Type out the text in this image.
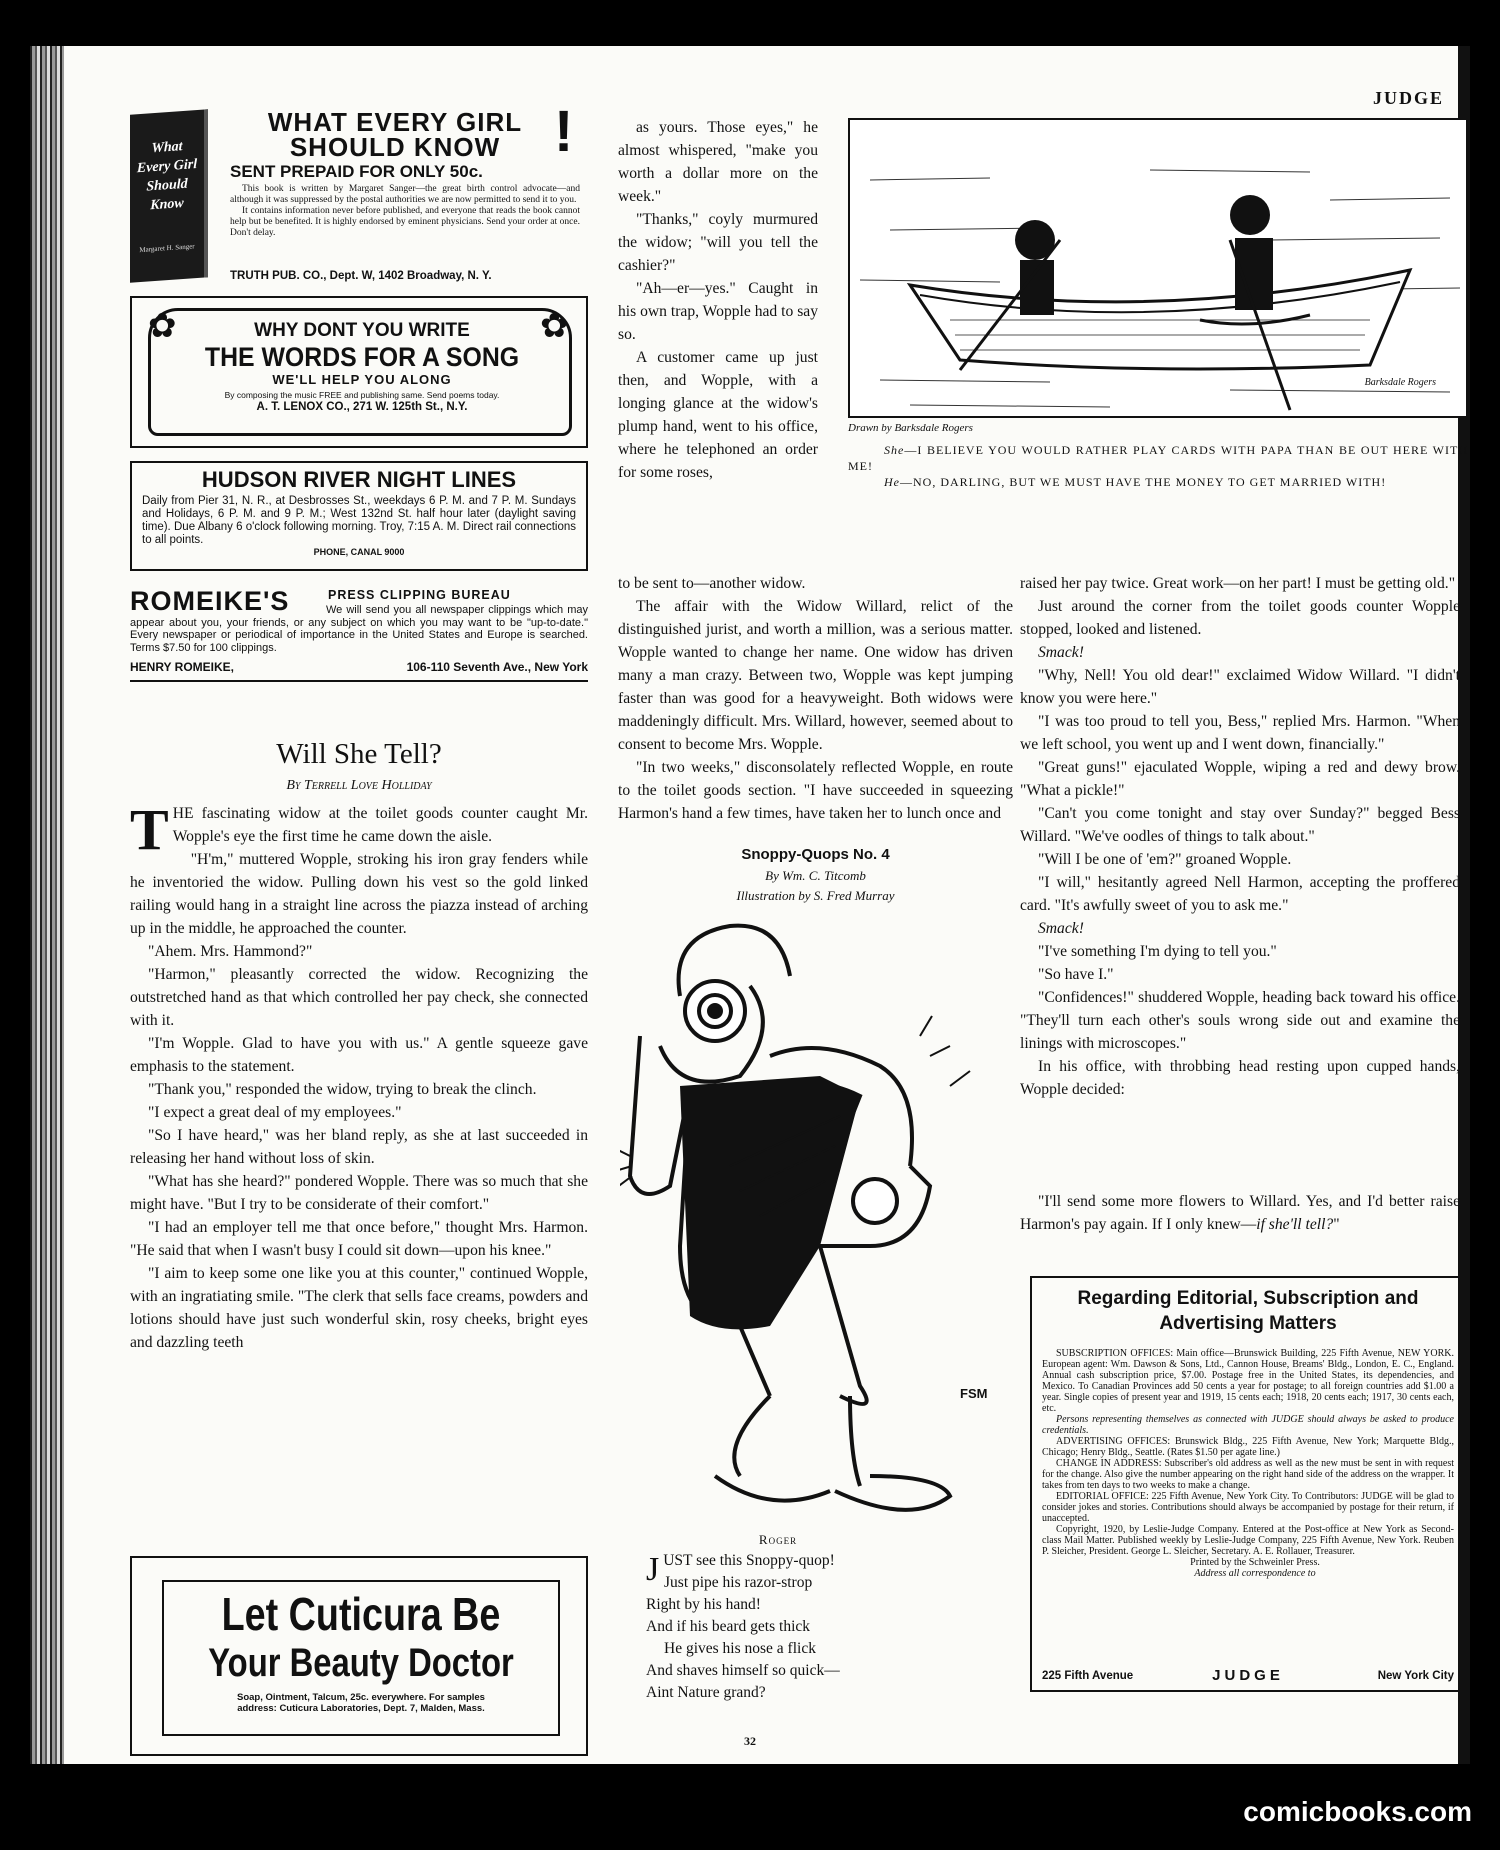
JUDGE
What Every Girl Should Know
Margaret H. Sanger
WHAT EVERY GIRL
SHOULD KNOW !
SENT PREPAID FOR ONLY 50c.

This book is written by Margaret Sanger—the great birth control advocate—and although it was suppressed by the postal authorities we are now permitted to send it to you.

It contains information never before published, and everyone that reads the book cannot help but be benefited. It is highly endorsed by eminent physicians. Send your order at once. Don't delay.

TRUTH PUB. CO., Dept. W, 1402 Broadway, N. Y.
✿	✿
WHY DONT YOU WRITE
THE WORDS FOR A SONG
WE'LL HELP YOU ALONG
By composing the music FREE and publishing same. Send poems today.
A. T. LENOX CO., 271 W. 125th St., N.Y.
HUDSON RIVER NIGHT LINES
Daily from Pier 31, N. R., at Desbrosses St., weekdays 6 P. M. and 7 P. M. Sundays and Holidays, 6 P. M. and 9 P. M.; West 132nd St. half hour later (daylight saving time). Due Albany 6 o'clock following morning. Troy, 7:15 A. M. Direct rail connections to all points.
PHONE, CANAL 9000
ROMEIKE'S	PRESS CLIPPING BUREAU
We will send you all newspaper clippings which may appear about you, your friends, or any subject on which you may want to be "up-to-date." Every newspaper or periodical of importance in the United States and Europe is searched. Terms $7.50 for 100 clippings.
HENRY ROMEIKE,	106-110 Seventh Ave., New York
Will She Tell?
By Terrell Love Holliday
T HE fascinating widow at the toilet goods counter caught Mr. Wopple's eye the first time he came down the aisle.

"H'm," muttered Wopple, stroking his iron gray fenders while he inventoried the widow. Pulling down his vest so the gold linked railing would hang in a straight line across the piazza instead of arching up in the middle, he approached the counter.

"Ahem. Mrs. Hammond?"

"Harmon," pleasantly corrected the widow. Recognizing the outstretched hand as that which controlled her pay check, she connected with it.

"I'm Wopple. Glad to have you with us." A gentle squeeze gave emphasis to the statement.

"Thank you," responded the widow, trying to break the clinch.

"I expect a great deal of my employees."

"So I have heard," was her bland reply, as she at last succeeded in releasing her hand without loss of skin.

"What has she heard?" pondered Wopple. There was so much that she might have. "But I try to be considerate of their comfort."

"I had an employer tell me that once before," thought Mrs. Harmon. "He said that when I wasn't busy I could sit down—upon his knee."

"I aim to keep some one like you at this counter," continued Wopple, with an ingratiating smile. "The clerk that sells face creams, powders and lotions should have just such wonderful skin, rosy cheeks, bright eyes and dazzling teeth

Let Cuticura Be
Your Beauty Doctor
Soap, Ointment, Talcum, 25c. everywhere. For samples
address: Cuticura Laboratories, Dept. 7, Malden, Mass.

as yours. Those eyes," he almost whispered, "make you worth a dollar more on the week."

"Thanks," coyly murmured the widow; "will you tell the cashier?"

"Ah—er—yes." Caught in his own trap, Wopple had to say so.

A customer came up just then, and Wopple, with a longing glance at the widow's plump hand, went to his office, where he telephoned an order for some roses,

to be sent to—another widow.

The affair with the Widow Willard, relict of the distinguished jurist, and worth a million, was a serious matter. Wopple wanted to change her name. One widow has driven many a man crazy. Between two, Wopple was kept jumping faster than was good for a heavyweight. Both widows were maddeningly difficult. Mrs. Willard, however, seemed about to consent to become Mrs. Wopple.

"In two weeks," disconsolately reflected Wopple, en route to the toilet goods section. "I have succeeded in squeezing Harmon's hand a few times, have taken her to lunch once and

Barksdale Rogers
Drawn by Barksdale Rogers
She—I BELIEVE YOU WOULD RATHER PLAY CARDS WITH PAPA THAN BE OUT HERE WITH ME!
He—NO, DARLING, BUT WE MUST HAVE THE MONEY TO GET MARRIED WITH!
Snoppy-Quops No. 4
By Wm. C. Titcomb
Illustration by S. Fred Murray
FSM
Roger
J UST see this Snoppy-quop!
Just pipe his razor-strop
Right by his hand!
And if his beard gets thick
He gives his nose a flick
And shaves himself so quick—
Aint Nature grand?

raised her pay twice. Great work—on her part! I must be getting old."

Just around the corner from the toilet goods counter Wopple stopped, looked and listened.

Smack!

"Why, Nell! You old dear!" exclaimed Widow Willard. "I didn't know you were here."

"I was too proud to tell you, Bess," replied Mrs. Harmon. "When we left school, you went up and I went down, financially."

"Great guns!" ejaculated Wopple, wiping a red and dewy brow. "What a pickle!"

"Can't you come tonight and stay over Sunday?" begged Bess Willard. "We've oodles of things to talk about."

"Will I be one of 'em?" groaned Wopple.

"I will," hesitantly agreed Nell Harmon, accepting the proffered card. "It's awfully sweet of you to ask me."

Smack!

"I've something I'm dying to tell you."

"So have I."

"Confidences!" shuddered Wopple, heading back toward his office. "They'll turn each other's souls wrong side out and examine the linings with microscopes."

In his office, with throbbing head resting upon cupped hands, Wopple decided:

"I'll send some more flowers to Willard. Yes, and I'd better raise Harmon's pay again. If I only knew—if she'll tell?"

Regarding Editorial, Subscription and
Advertising Matters

SUBSCRIPTION OFFICES: Main office—Brunswick Building, 225 Fifth Avenue, NEW YORK. European agent: Wm. Dawson & Sons, Ltd., Cannon House, Breams' Bldg., London, E. C., England. Annual cash subscription price, $7.00. Postage free in the United States, its dependencies, and Mexico. To Canadian Provinces add 50 cents a year for postage; to all foreign countries add $1.00 a year. Single copies of present year and 1919, 15 cents each; 1918, 20 cents each; 1917, 30 cents each, etc.

Persons representing themselves as connected with JUDGE should always be asked to produce credentials.

ADVERTISING OFFICES: Brunswick Bldg., 225 Fifth Avenue, New York; Marquette Bldg., Chicago; Henry Bldg., Seattle. (Rates $1.50 per agate line.)

CHANGE IN ADDRESS: Subscriber's old address as well as the new must be sent in with request for the change. Also give the number appearing on the right hand side of the address on the wrapper. It takes from ten days to two weeks to make a change.

EDITORIAL OFFICE: 225 Fifth Avenue, New York City. To Contributors: JUDGE will be glad to consider jokes and stories. Contributions should always be accompanied by postage for their return, if unaccepted.

Copyright, 1920, by Leslie-Judge Company. Entered at the Post-office at New York as Second-class Mail Matter. Published weekly by Leslie-Judge Company, 225 Fifth Avenue, New York. Reuben P. Sleicher, President. George L. Sleicher, Secretary. A. E. Rollauer, Treasurer.

Printed by the Schweinler Press.

Address all correspondence to

225 Fifth Avenue	JUDGE	New York City
32
comicbooks.com
